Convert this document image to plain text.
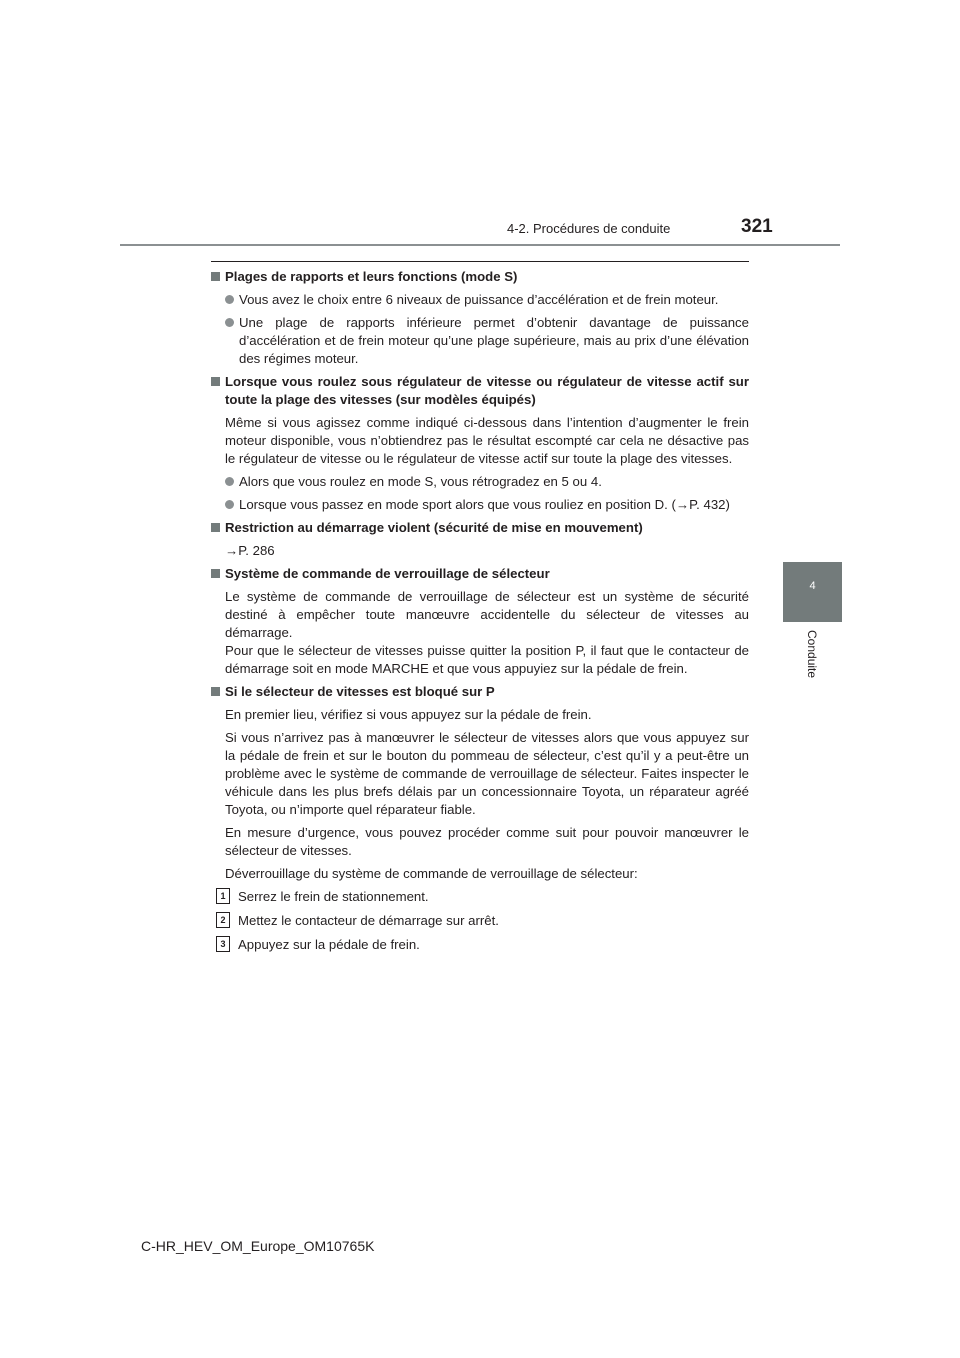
4-2. Procédures de conduite	321
4
Conduite

Plages de rapports et leurs fonctions (mode S)

Vous avez le choix entre 6 niveaux de puissance d’accélération et de frein moteur.

Une plage de rapports inférieure permet d’obtenir davantage de puissance d’accélération et de frein moteur qu’une plage supérieure, mais au prix d’une élévation des régimes moteur.

Lorsque vous roulez sous régulateur de vitesse ou régulateur de vitesse actif sur toute la plage des vitesses (sur modèles équipés)

Même si vous agissez comme indiqué ci-dessous dans l’intention d’augmenter le frein moteur disponible, vous n’obtiendrez pas le résultat escompté car cela ne désactive pas le régulateur de vitesse ou le régulateur de vitesse actif sur toute la plage des vitesses.

Alors que vous roulez en mode S, vous rétrogradez en 5 ou 4.

Lorsque vous passez en mode sport alors que vous rouliez en position D. (→P. 432)

Restriction au démarrage violent (sécurité de mise en mouvement)

→P. 286

Système de commande de verrouillage de sélecteur

Le système de commande de verrouillage de sélecteur est un système de sécurité destiné à empêcher toute manœuvre accidentelle du sélecteur de vitesses au démarrage.

Pour que le sélecteur de vitesses puisse quitter la position P, il faut que le contacteur de démarrage soit en mode MARCHE et que vous appuyiez sur la pédale de frein.

Si le sélecteur de vitesses est bloqué sur P

En premier lieu, vérifiez si vous appuyez sur la pédale de frein.

Si vous n’arrivez pas à manœuvrer le sélecteur de vitesses alors que vous appuyez sur la pédale de frein et sur le bouton du pommeau de sélecteur, c’est qu’il y a peut-être un problème avec le système de commande de verrouillage de sélecteur. Faites inspecter le véhicule dans les plus brefs délais par un concessionnaire Toyota, un réparateur agréé Toyota, ou n’importe quel réparateur fiable.

En mesure d’urgence, vous pouvez procéder comme suit pour pouvoir manœuvrer le sélecteur de vitesses.

Déverrouillage du système de commande de verrouillage de sélecteur:

1 Serrez le frein de stationnement.

2 Mettez le contacteur de démarrage sur arrêt.

3 Appuyez sur la pédale de frein.

C-HR_HEV_OM_Europe_OM10765K
